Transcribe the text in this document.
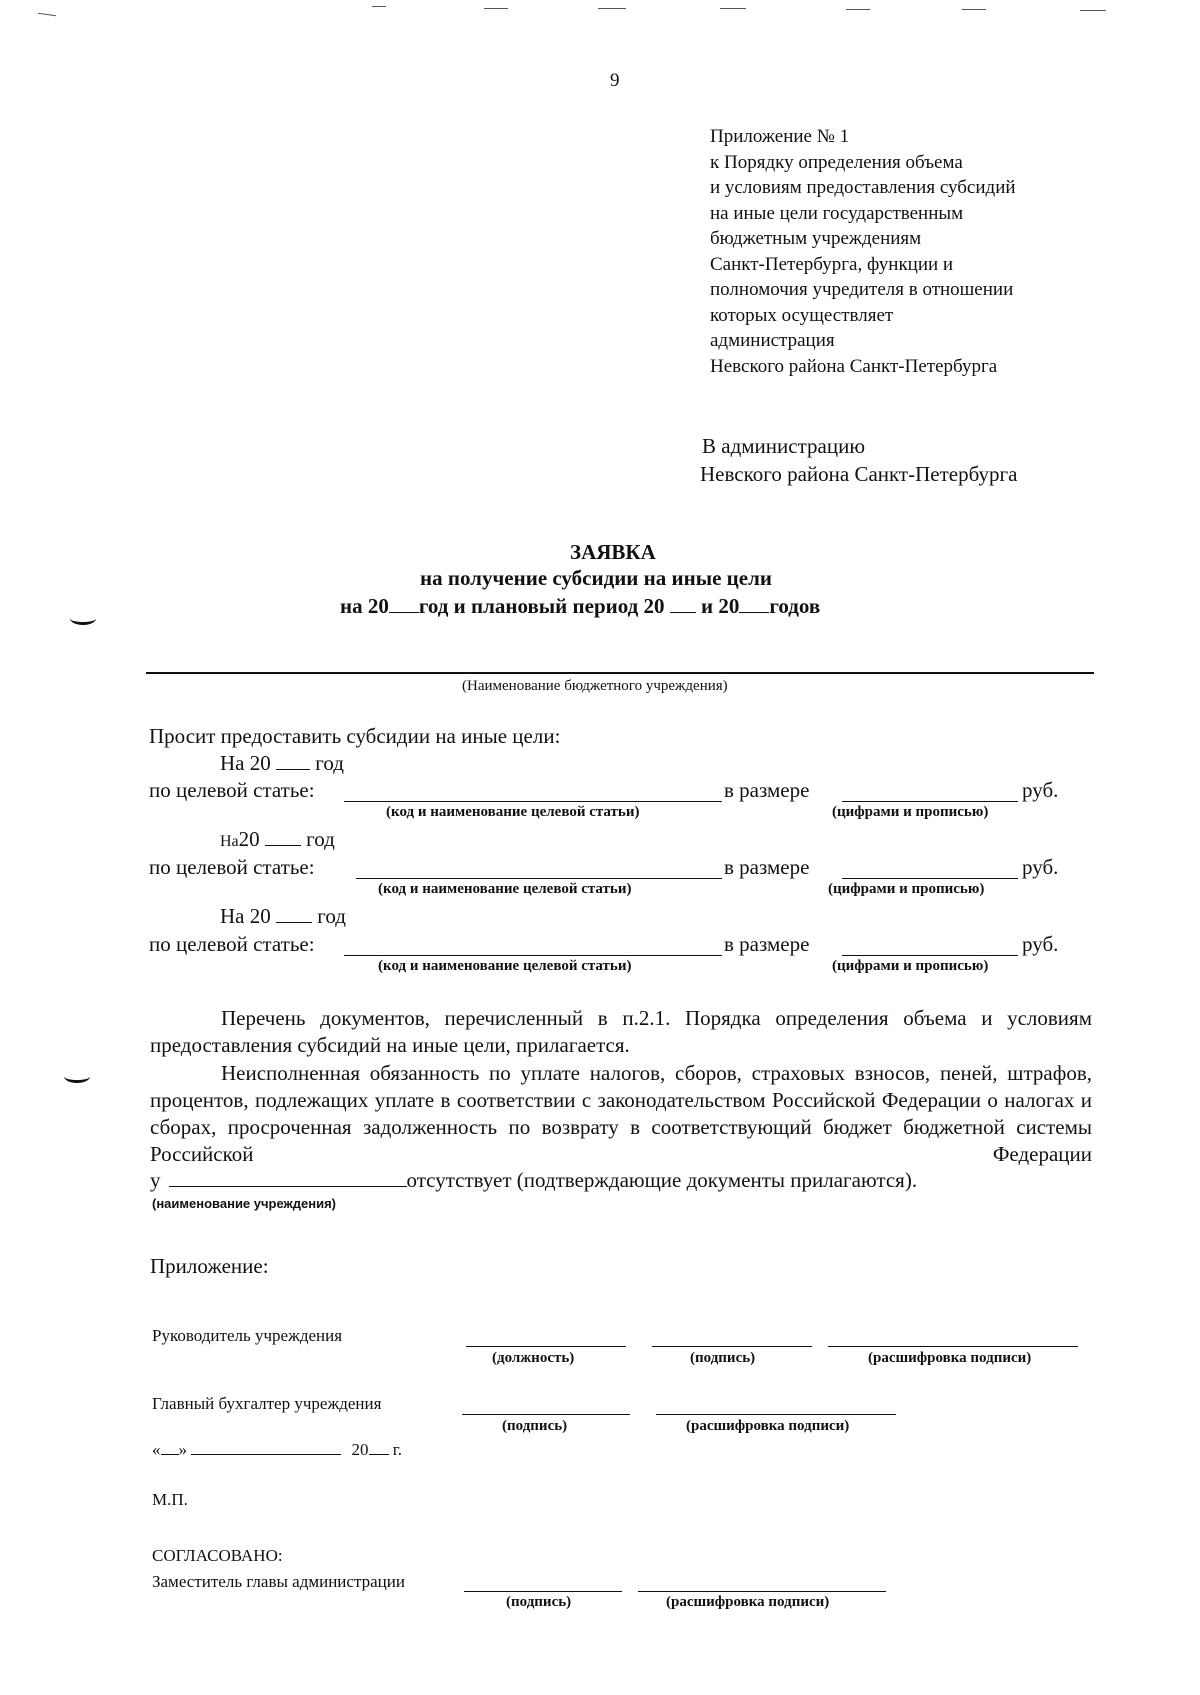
9
Приложение № 1
к Порядку определения объема
и условиям предоставления субсидий
на иные цели государственным
бюджетным учреждениям
Санкт-Петербурга, функции и
полномочия учредителя в отношении
которых осуществляет
администрация
Невского района Санкт-Петербурга
В администрацию
Невского района Санкт-Петербурга
ЗАЯВКА
на получение субсидии на иные цели
на 20 год и плановый период 20 и 20 годов
(Наименование бюджетного учреждения)
Просит предоставить субсидии на иные цели:
На 20 год
по целевой статье:	в размере	руб.
(код и наименование целевой статьи)	(цифрами и прописью)
На20 год
по целевой статье:	в размере	руб.
(код и наименование целевой статьи)	(цифрами и прописью)
На 20 год
по целевой статье:	в размере	руб.
(код и наименование целевой статьи)	(цифрами и прописью)
Перечень документов, перечисленный в п.2.1. Порядка определения объема и условиям предоставления субсидий на иные цели, прилагается.
Неисполненная обязанность по уплате налогов, сборов, страховых взносов, пеней, штрафов, процентов, подлежащих уплате в соответствии с законодательством Российской Федерации о налогах и сборах, просроченная задолженность по возврату в соответствующий бюджет бюджетной системы Российской Федерации
у	отсутствует (подтверждающие документы прилагаются).
(наименование учреждения)
Приложение:
Руководитель учреждения
(должность)	(подпись)	(расшифровка подписи)
Главный бухгалтер учреждения
(подпись)	(расшифровка подписи)
« »	20 г.
М.П.
СОГЛАСОВАНО:
Заместитель главы администрации
(подпись)	(расшифровка подписи)
